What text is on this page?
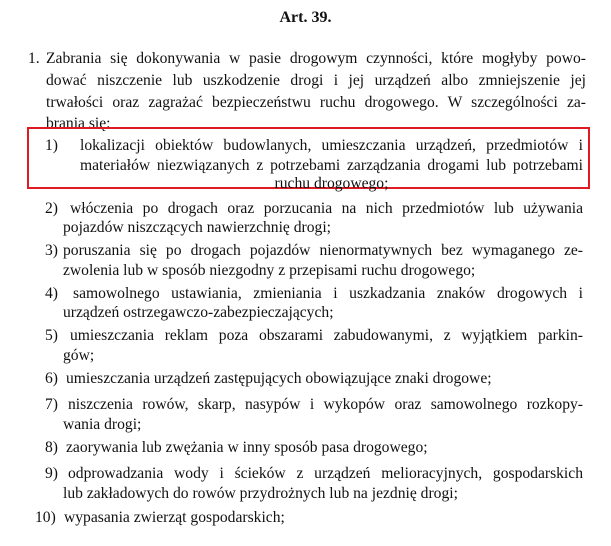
Art. 39.
1. Zabrania się dokonywania w pasie drogowym czynności, które mogłyby powo-
dować niszczenie lub uszkodzenie drogi i jej urządzeń albo zmniejszenie jej
trwałości oraz zagrażać bezpieczeństwu ruchu drogowego. W szczególności za-
brania się:
1) lokalizacji obiektów budowlanych, umieszczania urządzeń, przedmiotów i
materiałów niezwiązanych z potrzebami zarządzania drogami lub potrzebami
ruchu drogowego;
2) włóczenia po drogach oraz porzucania na nich przedmiotów lub używania
pojazdów niszczących nawierzchnię drogi;
3) poruszania się po drogach pojazdów nienormatywnych bez wymaganego ze-
zwolenia lub w sposób niezgodny z przepisami ruchu drogowego;
4) samowolnego ustawiania, zmieniania i uszkadzania znaków drogowych i
urządzeń ostrzegawczo-zabezpieczających;
5) umieszczania reklam poza obszarami zabudowanymi, z wyjątkiem parkin-
gów;
6) umieszczania urządzeń zastępujących obowiązujące znaki drogowe;
7) niszczenia rowów, skarp, nasypów i wykopów oraz samowolnego rozkopy-
wania drogi;
8) zaorywania lub zwężania w inny sposób pasa drogowego;
9) odprowadzania wody i ścieków z urządzeń melioracyjnych, gospodarskich
lub zakładowych do rowów przydrożnych lub na jezdnię drogi;
10) wypasania zwierząt gospodarskich;
